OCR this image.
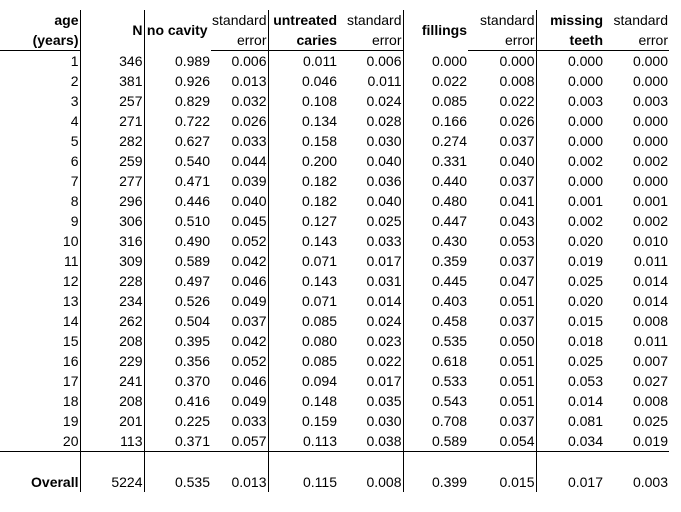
age	N	no cavity	standard	untreated	standard	fillings	standard	missing	standard
(years)			error	caries	error		error	teeth	error
1	346	0.989	0.006	0.011	0.006	0.000	0.000	0.000	0.000
2	381	0.926	0.013	0.046	0.011	0.022	0.008	0.000	0.000
3	257	0.829	0.032	0.108	0.024	0.085	0.022	0.003	0.003
4	271	0.722	0.026	0.134	0.028	0.166	0.026	0.000	0.000
5	282	0.627	0.033	0.158	0.030	0.274	0.037	0.000	0.000
6	259	0.540	0.044	0.200	0.040	0.331	0.040	0.002	0.002
7	277	0.471	0.039	0.182	0.036	0.440	0.037	0.000	0.000
8	296	0.446	0.040	0.182	0.040	0.480	0.041	0.001	0.001
9	306	0.510	0.045	0.127	0.025	0.447	0.043	0.002	0.002
10	316	0.490	0.052	0.143	0.033	0.430	0.053	0.020	0.010
11	309	0.589	0.042	0.071	0.017	0.359	0.037	0.019	0.011
12	228	0.497	0.046	0.143	0.031	0.445	0.047	0.025	0.014
13	234	0.526	0.049	0.071	0.014	0.403	0.051	0.020	0.014
14	262	0.504	0.037	0.085	0.024	0.458	0.037	0.015	0.008
15	208	0.395	0.042	0.080	0.023	0.535	0.050	0.018	0.011
16	229	0.356	0.052	0.085	0.022	0.618	0.051	0.025	0.007
17	241	0.370	0.046	0.094	0.017	0.533	0.051	0.053	0.027
18	208	0.416	0.049	0.148	0.035	0.543	0.051	0.014	0.008
19	201	0.225	0.033	0.159	0.030	0.708	0.037	0.081	0.025
20	113	0.371	0.057	0.113	0.038	0.589	0.054	0.034	0.019

Overall	5224	0.535	0.013	0.115	0.008	0.399	0.015	0.017	0.003
